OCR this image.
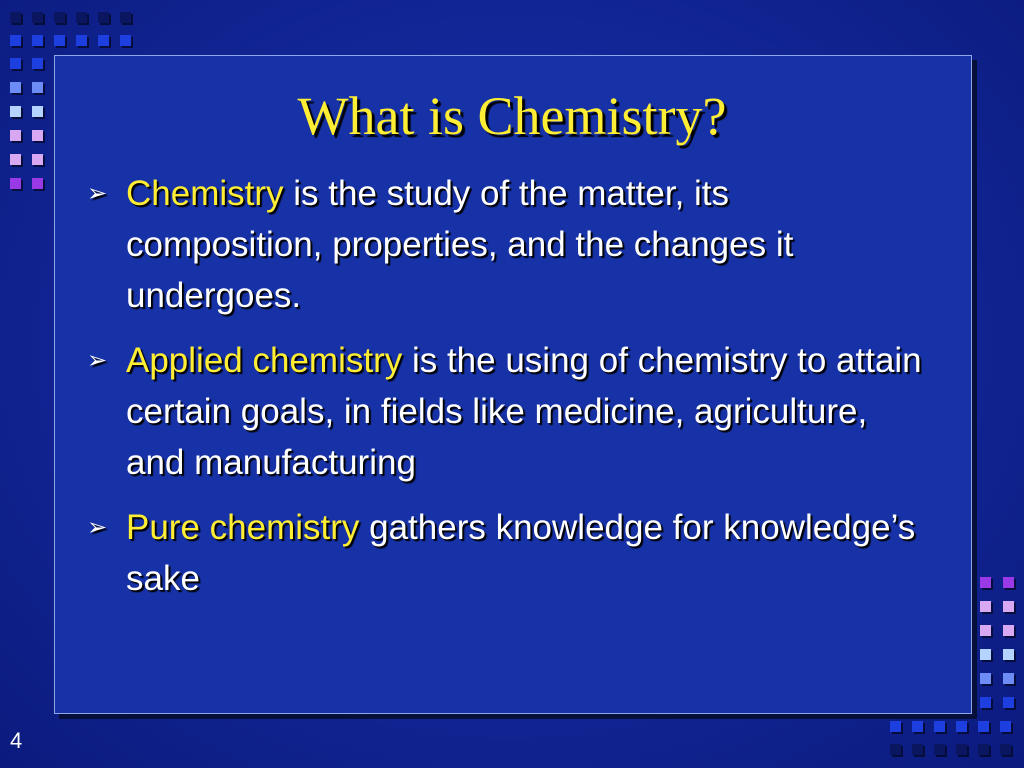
What is Chemistry?
➢ Chemistry is the study of the matter, its composition, properties, and the changes it undergoes.
➢ Applied chemistry is the using of chemistry to attain certain goals, in fields like medicine, agriculture, and manufacturing
➢ Pure chemistry gathers knowledge for knowledge’s sake
4
